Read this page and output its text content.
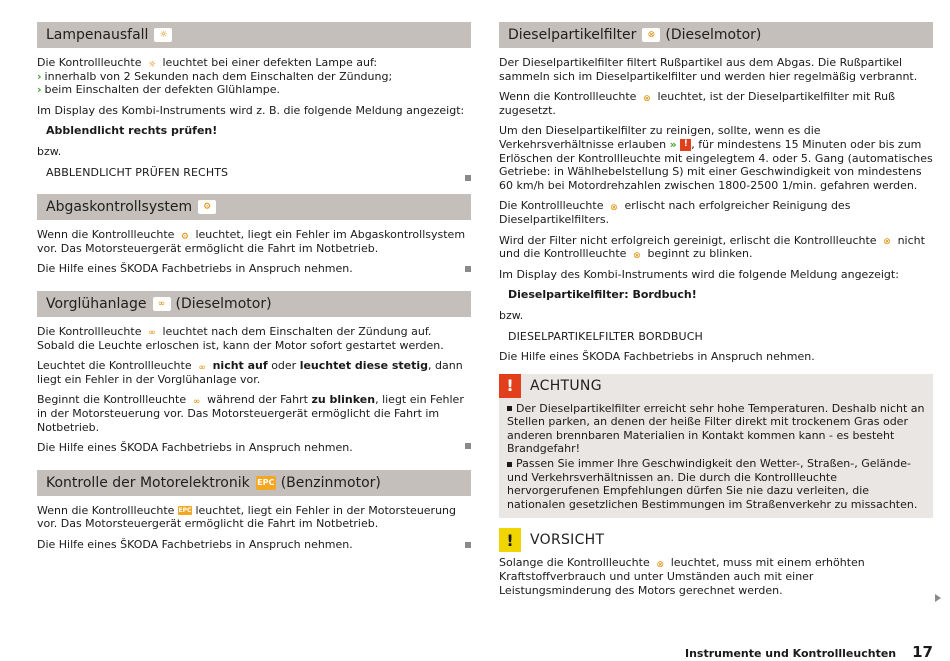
Lampenausfall	☼

Die Kontrollleuchte ☼ leuchtet bei einer defekten Lampe auf:
› innerhalb von 2 Sekunden nach dem Einschalten der Zündung;
› beim Einschalten der defekten Glühlampe.

Im Display des Kombi-Instruments wird z. B. die folgende Meldung angezeigt:

Abblendlicht rechts prüfen!

bzw.

ABBLENDLICHT PRÜFEN RECHTS

Abgaskontrollsystem	⚙

Wenn die Kontrollleuchte ⚙ leuchtet, liegt ein Fehler im Abgaskontrollsystem vor. Das Motorsteuergerät ermöglicht die Fahrt im Notbetrieb.

Die Hilfe eines ŠKODA Fachbetriebs in Anspruch nehmen.

Vorglühanlage	∞ (Dieselmotor)

Die Kontrollleuchte ∞ leuchtet nach dem Einschalten der Zündung auf. Sobald die Leuchte erloschen ist, kann der Motor sofort gestartet werden.

Leuchtet die Kontrollleuchte ∞ nicht auf oder leuchtet diese stetig, dann liegt ein Fehler in der Vorglühanlage vor.

Beginnt die Kontrollleuchte ∞ während der Fahrt zu blinken, liegt ein Fehler in der Motorsteuerung vor. Das Motorsteuergerät ermöglicht die Fahrt im Notbetrieb.

Die Hilfe eines ŠKODA Fachbetriebs in Anspruch nehmen.

Kontrolle der Motorelektronik EPC (Benzinmotor)

Wenn die Kontrollleuchte EPC leuchtet, liegt ein Fehler in der Motorsteuerung vor. Das Motorsteuergerät ermöglicht die Fahrt im Notbetrieb.

Die Hilfe eines ŠKODA Fachbetriebs in Anspruch nehmen.

Dieselpartikelfilter	⊗ (Dieselmotor)

Der Dieselpartikelfilter filtert Rußpartikel aus dem Abgas. Die Rußpartikel sammeln sich im Dieselpartikelfilter und werden hier regelmäßig verbrannt.

Wenn die Kontrollleuchte ⊗ leuchtet, ist der Dieselpartikelfilter mit Ruß zugesetzt.

Um den Dieselpartikelfilter zu reinigen, sollte, wenn es die Verkehrsverhältnisse erlauben » ! , für mindestens 15 Minuten oder bis zum Erlöschen der Kontrollleuchte mit eingelegtem 4. oder 5. Gang (automatisches Getriebe: in Wählhebelstellung S) mit einer Geschwindigkeit von mindestens 60 km/h bei Motordrehzahlen zwischen 1800-2500 1/min. gefahren werden.

Die Kontrollleuchte ⊗ erlischt nach erfolgreicher Reinigung des Dieselpartikelfilters.

Wird der Filter nicht erfolgreich gereinigt, erlischt die Kontrollleuchte ⊗ nicht und die Kontrollleuchte ⊗ beginnt zu blinken.

Im Display des Kombi-Instruments wird die folgende Meldung angezeigt:

Dieselpartikelfilter: Bordbuch!

bzw.

DIESELPARTIKELFILTER BORDBUCH

Die Hilfe eines ŠKODA Fachbetriebs in Anspruch nehmen.

!	ACHTUNG

Der Dieselpartikelfilter erreicht sehr hohe Temperaturen. Deshalb nicht an Stellen parken, an denen der heiße Filter direkt mit trockenem Gras oder anderen brennbaren Materialien in Kontakt kommen kann - es besteht Brandgefahr!

Passen Sie immer Ihre Geschwindigkeit den Wetter-, Straßen-, Gelände- und Verkehrsverhältnissen an. Die durch die Kontrollleuchte hervorgerufenen Empfehlungen dürfen Sie nie dazu verleiten, die nationalen gesetzlichen Bestimmungen im Straßenverkehr zu missachten.

!	VORSICHT

Solange die Kontrollleuchte ⊗ leuchtet, muss mit einem erhöhten Kraftstoffverbrauch und unter Umständen auch mit einer Leistungsminderung des Motors gerechnet werden.

Instrumente und Kontrollleuchten 17
